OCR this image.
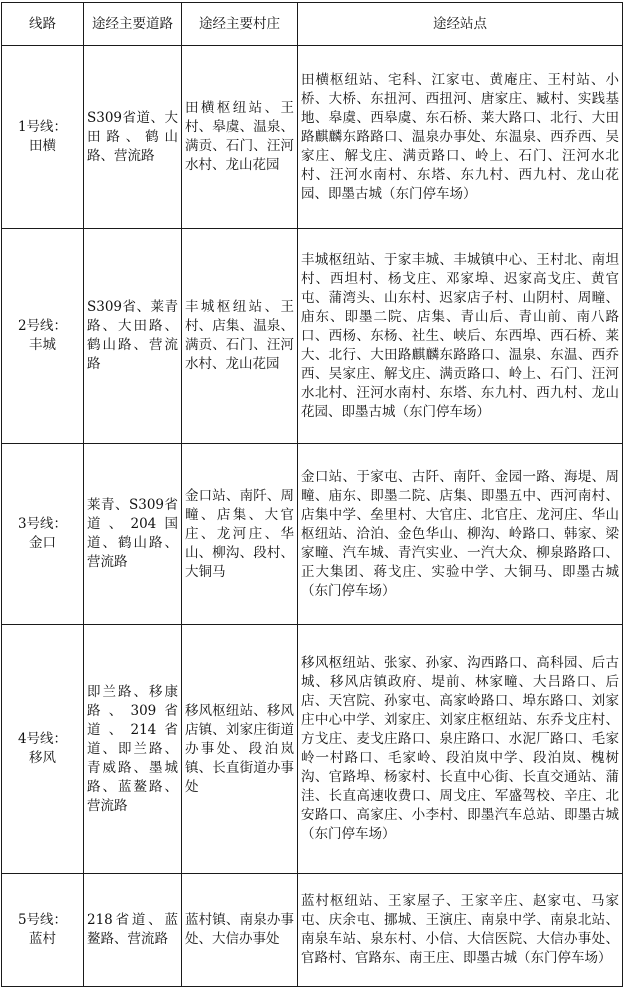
线路	途经主要道路	途经主要村庄	途经站点

1号线：
田横	S309省道、大田路、鹤山路、营流路	田横枢纽站、王村、皋虞、温泉、满贡、石门、汪河水村、龙山花园	田横枢纽站、宅科、江家屯、黄庵庄、王村站、小桥、大桥、东扭河、西扭河、唐家庄、臧村、实践基地、皋虞、西皋虞、东石桥、莱大路口、北行、大田路麒麟东路路口、温泉办事处、东温泉、西乔西、吴家庄、解戈庄、满贡路口、岭上、石门、汪河水北村、汪河水南村、东塔、东九村、西九村、龙山花园、即墨古城（东门停车场）

2号线：
丰城	S309省、莱青路、大田路、鹤山路、营流路	丰城枢纽站、王村、店集、温泉、满贡、石门、汪河水村、龙山花园	丰城枢纽站、于家丰城、丰城镇中心、王村北、南坦村、西坦村、杨戈庄、邓家埠、迟家高戈庄、黄官屯、蒲湾头、山东村、迟家店子村、山阴村、周疃、庙东、即墨二院、店集、青山后、青山前、南八路口、西杨、东杨、社生、峡后、东西埠、西石桥、莱大、北行、大田路麒麟东路路口、温泉、东温、西乔西、吴家庄、解戈庄、满贡路口、岭上、石门、汪河水北村、汪河水南村、东塔、东九村、西九村、龙山花园、即墨古城（东门停车场）

3号线：
金口	莱青、S309省道、204国道、鹤山路、营流路	金口站、南阡、周疃、店集、大官庄、龙河庄、华山、柳沟、段村、大铜马	金口站、于家屯、古阡、南阡、金园一路、海堤、周疃、庙东、即墨二院、店集、即墨五中、西河南村、店集中学、垒里村、大官庄、北官庄、龙河庄、华山枢纽站、洽泊、金色华山、柳沟、岭路口、韩家、梁家疃、汽车城、青汽实业、一汽大众、柳泉路路口、正大集团、蒋戈庄、实验中学、大铜马、即墨古城（东门停车场）

4号线：
移风	即兰路、移康路、309省道、214省道、即兰路、青威路、墨城路、蓝鳌路、营流路	移风枢纽站、移风店镇、刘家庄街道办事处、段泊岚镇、长直街道办事处	移风枢纽站、张家、孙家、沟西路口、高科园、后古城、移风店镇政府、堤前、林家疃、大吕路口、后店、天宫院、孙家屯、高家岭路口、埠东路口、刘家庄中心中学、刘家庄、刘家庄枢纽站、东乔戈庄村、方戈庄、麦戈庄路口、泉庄路口、水泥厂路口、毛家岭一村路口、毛家岭、段泊岚中学、段泊岚、槐树沟、官路埠、杨家村、长直中心街、长直交通站、蒲洼、长直高速收费口、周戈庄、军盛驾校、辛庄、北安路口、高家庄、小李村、即墨汽车总站、即墨古城（东门停车场）

5号线：
蓝村	218省道、蓝鳌路、营流路	蓝村镇、南泉办事处、大信办事处	蓝村枢纽站、王家屋子、王家辛庄、赵家屯、马家屯、庆余屯、挪城、王演庄、南泉中学、南泉北站、南泉车站、泉东村、小信、大信医院、大信办事处、官路村、官路东、南王庄、即墨古城（东门停车场）
